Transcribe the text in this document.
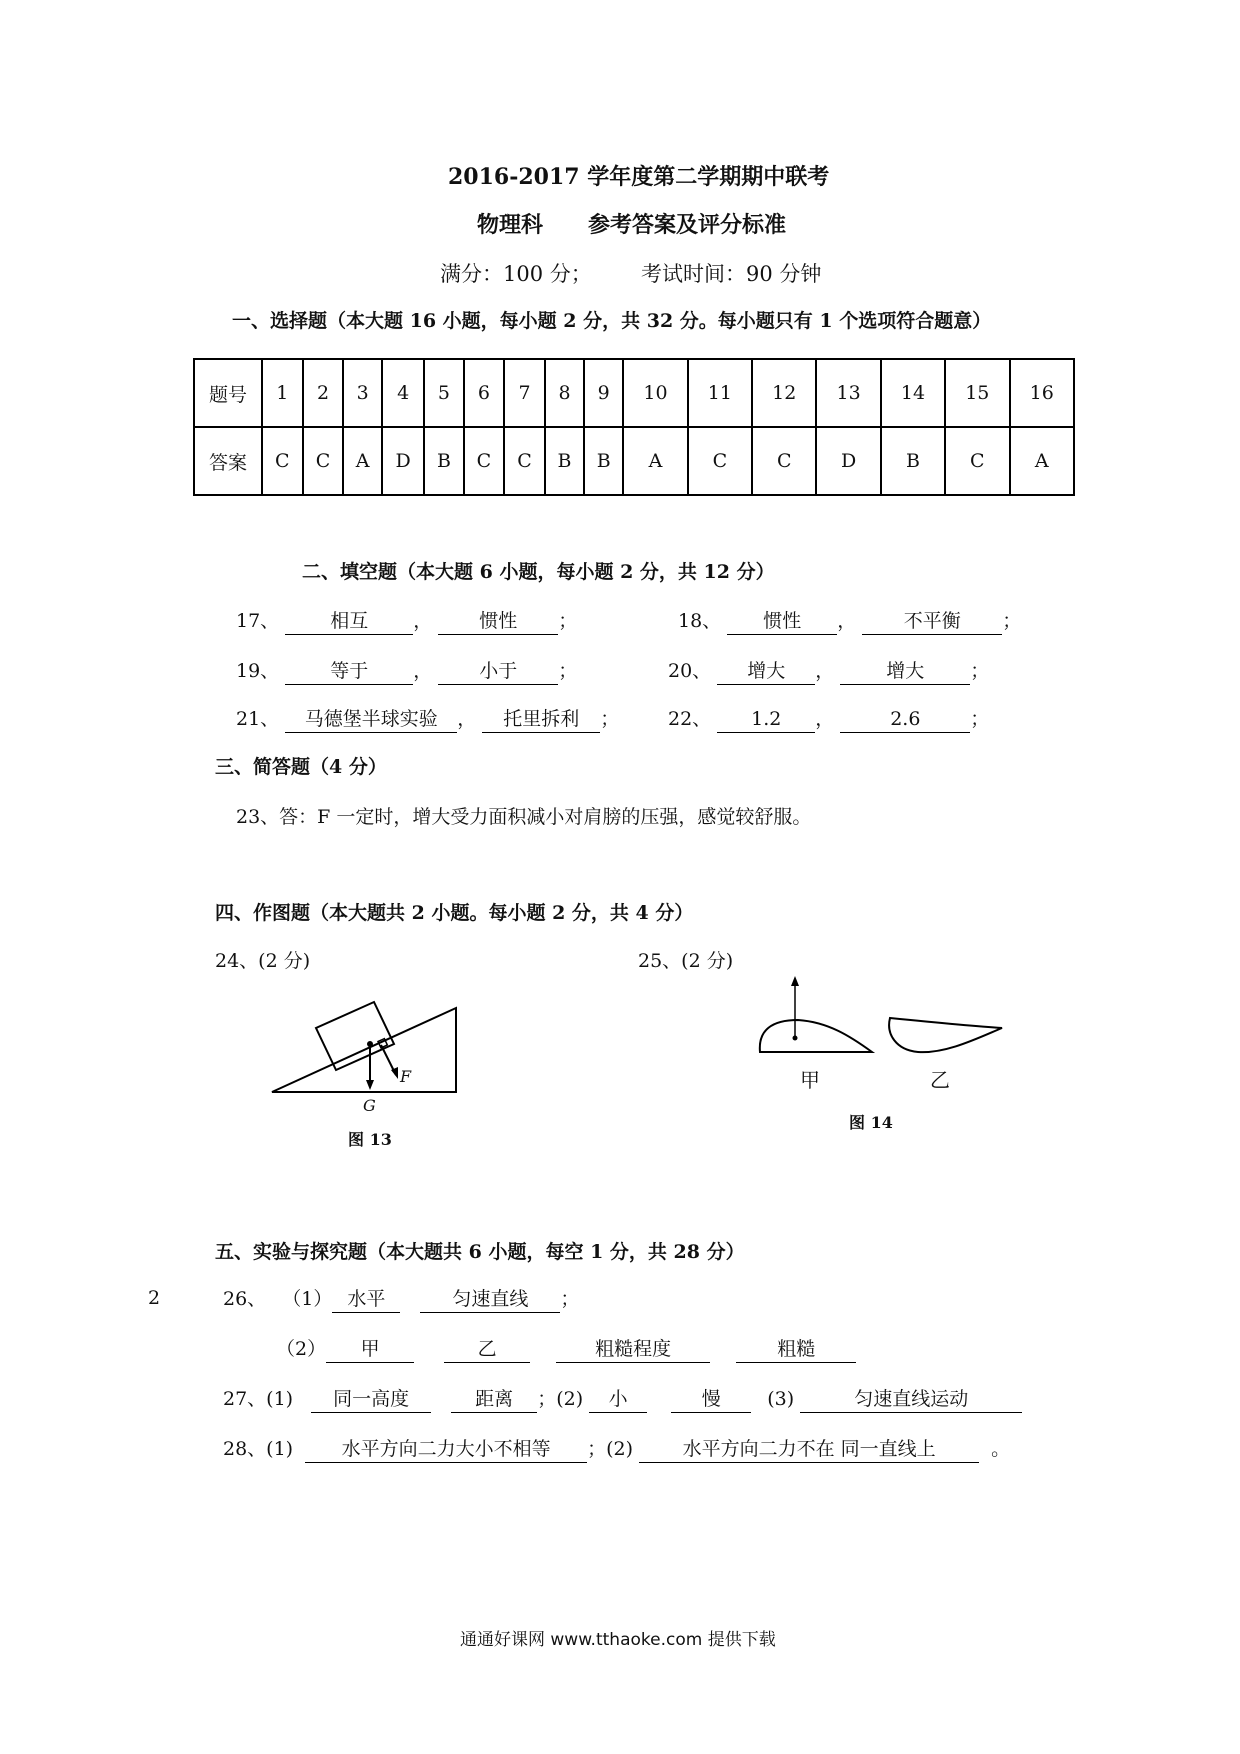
2016-2017 学年度第二学期期中联考
物理科 参考答案及评分标准
满分：100 分； 考试时间：90 分钟
一、选择题（本大题 16 小题，每小题 2 分，共 32 分。每小题只有 1 个选项符合题意）
题号	1	2	3	4	5	6	7	8	9	10	11	12	13	14	15	16
答案	C	C	A	D	B	C	C	B	B	A	C	C	D	B	C	A
二、填空题（本大题 6 小题，每小题 2 分，共 12 分）
17、	相互 ， 惯性 ；	18、 惯性 ，	不平衡 ；
19、	等于 ， 小于 ；	20、 增大 ，	增大 ；
21、 马德堡半球实验 ， 托里拆利 ；	22、 1.2 ，	2.6	；
三、简答题（4 分）
23、答：F 一定时，增大受力面积减小对肩膀的压强，感觉较舒服。
四、作图题（本大题共 2 小题。每小题 2 分，共 4 分）
24、(2 分)	25、(2 分)
F
G
图 13
甲	乙
图 14
五、实验与探究题（本大题共 6 小题，每空 1 分，共 28 分）
2	26、 （1） 水平	匀速直线 ；
（2） 甲	乙	粗糙程度	粗糙
27、(1) 同一高度	距离 ；(2) 小	慢 (3)	匀速直线运动
28、(1)	水平方向二力大小不相等 ；(2)	水平方向二力不在 同一直线上	。
通通好课网 www.tthaoke.com 提供下载
